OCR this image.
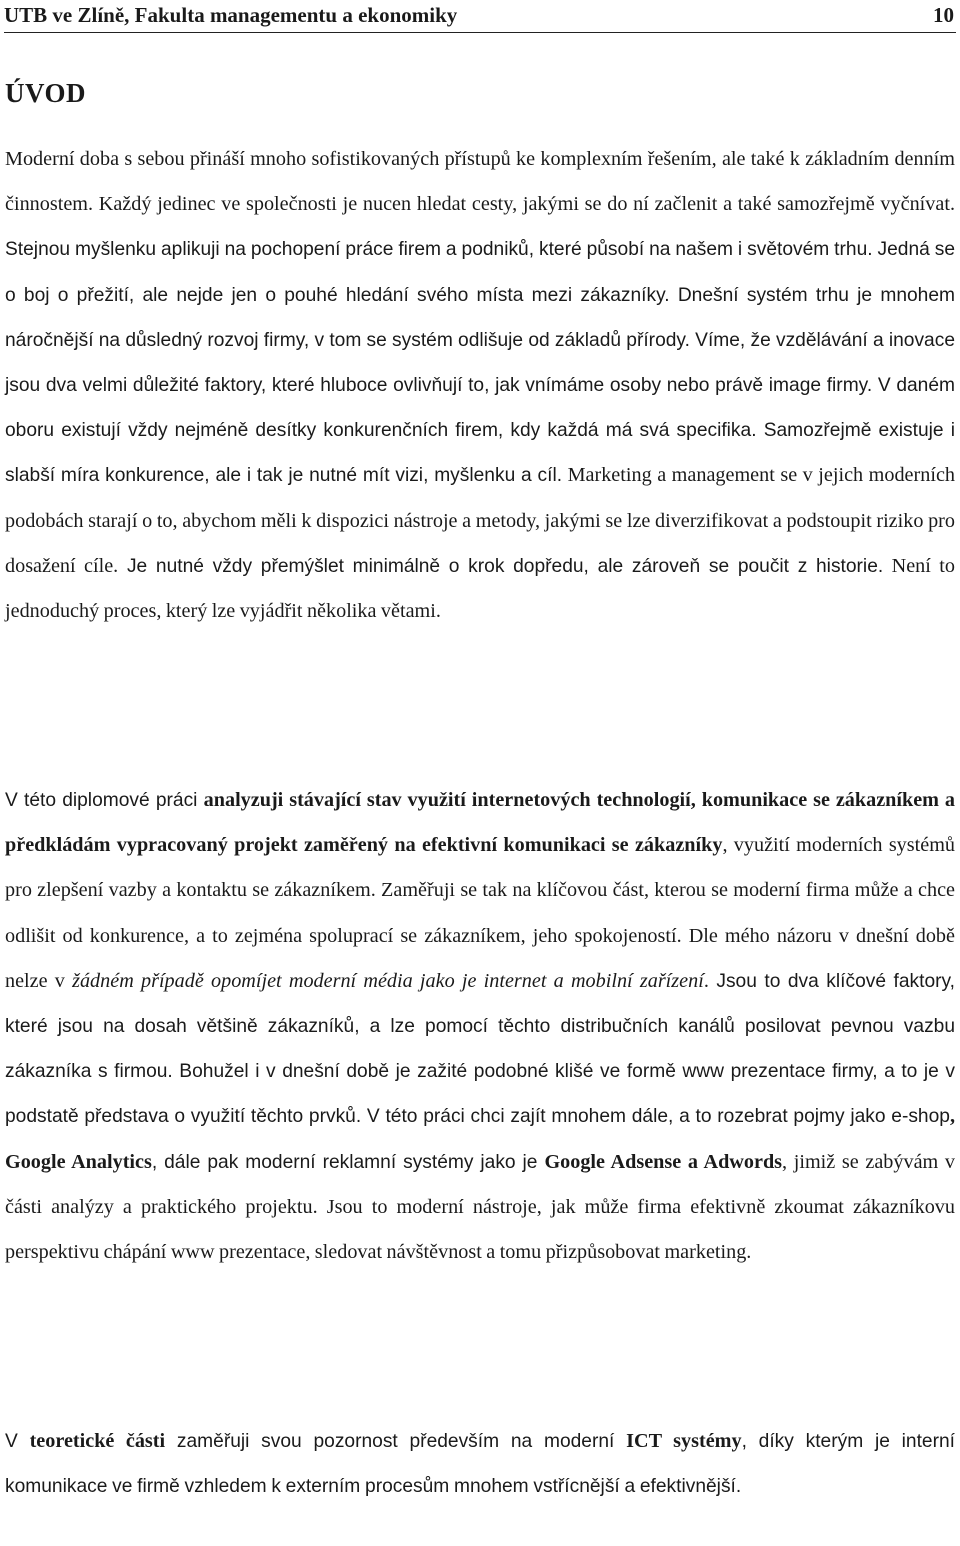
UTB ve Zlíně, Fakulta managementu a ekonomiky	10
ÚVOD

Moderní doba s sebou přináší mnoho sofistikovaných přístupů ke komplexním řešením, ale také k základním denním činnostem. Každý jedinec ve společnosti je nucen hledat cesty, jakými se do ní začlenit a také samozřejmě vyčnívat. Stejnou myšlenku aplikuji na pochopení práce firem a podniků, které působí na našem i světovém trhu. Jedná se o boj o přežití, ale nejde jen o pouhé hledání svého místa mezi zákazníky. Dnešní systém trhu je mnohem náročnější na důsledný rozvoj firmy, v tom se systém odlišuje od základů přírody. Víme, že vzdělávání a inovace jsou dva velmi důležité faktory, které hluboce ovlivňují to, jak vnímáme osoby nebo právě image firmy. V daném oboru existují vždy nejméně desítky konkurenčních firem, kdy každá má svá specifika. Samozřejmě existuje i slabší míra konkurence, ale i tak je nutné mít vizi, myšlenku a cíl. Marketing a management se v jejich moderních podobách starají o to, abychom měli k dispozici nástroje a metody, jakými se lze diverzifikovat a podstoupit riziko pro dosažení cíle. Je nutné vždy přemýšlet minimálně o krok dopředu, ale zároveň se poučit z historie. Není to jednoduchý proces, který lze vyjádřit několika větami.

V této diplomové práci analyzuji stávající stav využití internetových technologií, komunikace se zákazníkem a předkládám vypracovaný projekt zaměřený na efektivní komunikaci se zákazníky, využití moderních systémů pro zlepšení vazby a kontaktu se zákazníkem. Zaměřuji se tak na klíčovou část, kterou se moderní firma může a chce odlišit od konkurence, a to zejména spoluprací se zákazníkem, jeho spokojeností. Dle mého názoru v dnešní době nelze v žádném případě opomíjet moderní média jako je internet a mobilní zařízení. Jsou to dva klíčové faktory, které jsou na dosah většině zákazníků, a lze pomocí těchto distribučních kanálů posilovat pevnou vazbu zákazníka s firmou. Bohužel i v dnešní době je zažité podobné klišé ve formě www prezentace firmy, a to je v podstatě představa o využití těchto prvků. V této práci chci zajít mnohem dále, a to rozebrat pojmy jako e-shop, Google Analytics, dále pak moderní reklamní systémy jako je Google Adsense a Adwords, jimiž se zabývám v části analýzy a praktického projektu. Jsou to moderní nástroje, jak může firma efektivně zkoumat zákazníkovu perspektivu chápání www prezentace, sledovat návštěvnost a tomu přizpůsobovat marketing.

V teoretické části zaměřuji svou pozornost především na moderní ICT systémy, díky kterým je interní komunikace ve firmě vzhledem k externím procesům mnohem vstřícnější a efektivnější.
